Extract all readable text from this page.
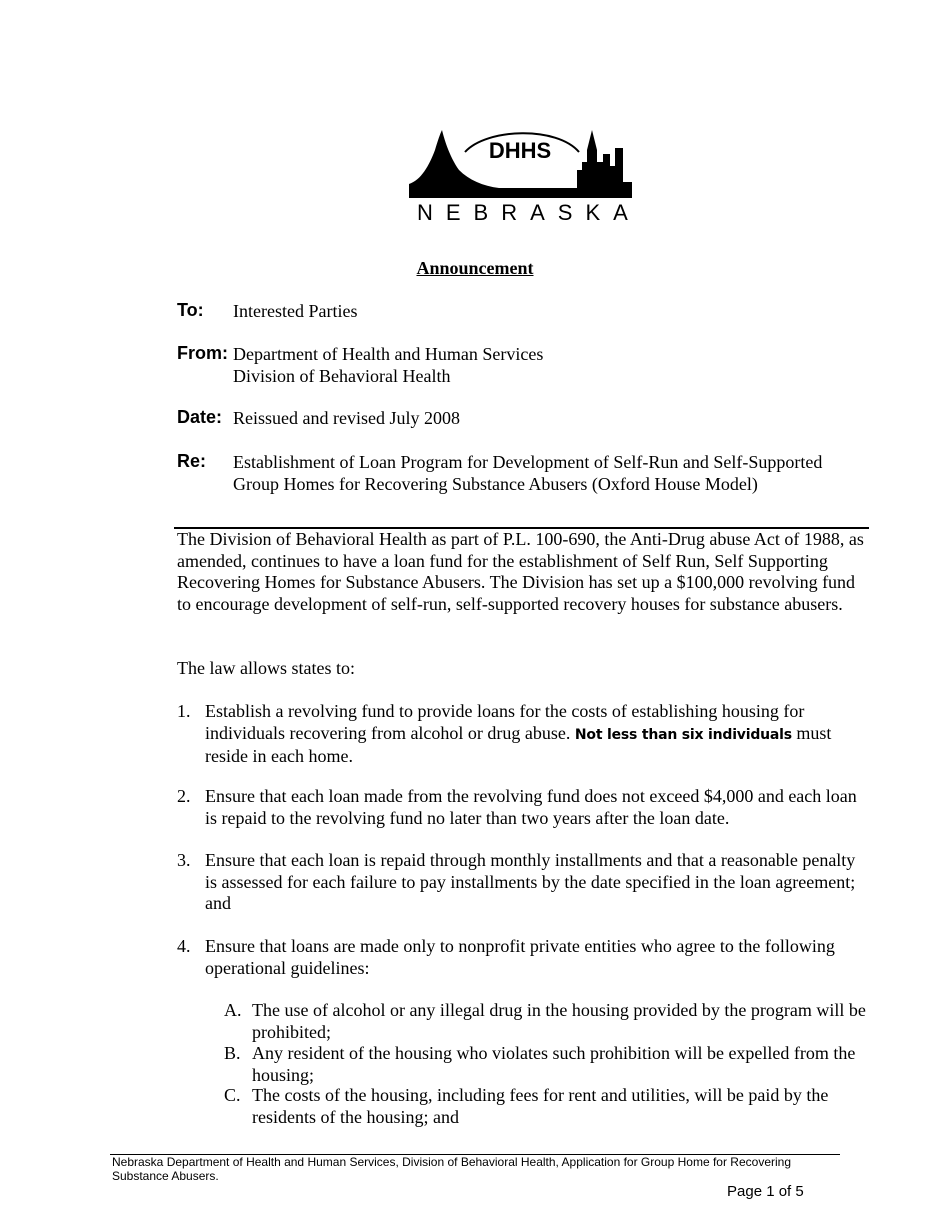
DHHS
NEBRASKA
Announcement
To: Interested Parties
From: Department of Health and Human Services
Division of Behavioral Health
Date: Reissued and revised July 2008
Re: Establishment of Loan Program for Development of Self-Run and Self-Supported
Group Homes for Recovering Substance Abusers (Oxford House Model)
The Division of Behavioral Health as part of P.L. 100-690, the Anti-Drug abuse Act of 1988, as amended, continues to have a loan fund for the establishment of Self Run, Self Supporting Recovering Homes for Substance Abusers. The Division has set up a $100,000 revolving fund to encourage development of self-run, self-supported recovery houses for substance abusers.
The law allows states to:
1. Establish a revolving fund to provide loans for the costs of establishing housing for individuals recovering from alcohol or drug abuse. Not less than six individuals must reside in each home.
2. Ensure that each loan made from the revolving fund does not exceed $4,000 and each loan is repaid to the revolving fund no later than two years after the loan date.
3. Ensure that each loan is repaid through monthly installments and that a reasonable penalty is assessed for each failure to pay installments by the date specified in the loan agreement; and
4. Ensure that loans are made only to nonprofit private entities who agree to the following operational guidelines:
A. The use of alcohol or any illegal drug in the housing provided by the program will be prohibited;
B. Any resident of the housing who violates such prohibition will be expelled from the housing;
C. The costs of the housing, including fees for rent and utilities, will be paid by the residents of the housing; and
Nebraska Department of Health and Human Services, Division of Behavioral Health, Application for Group Home for Recovering Substance Abusers.
Page 1 of 5
